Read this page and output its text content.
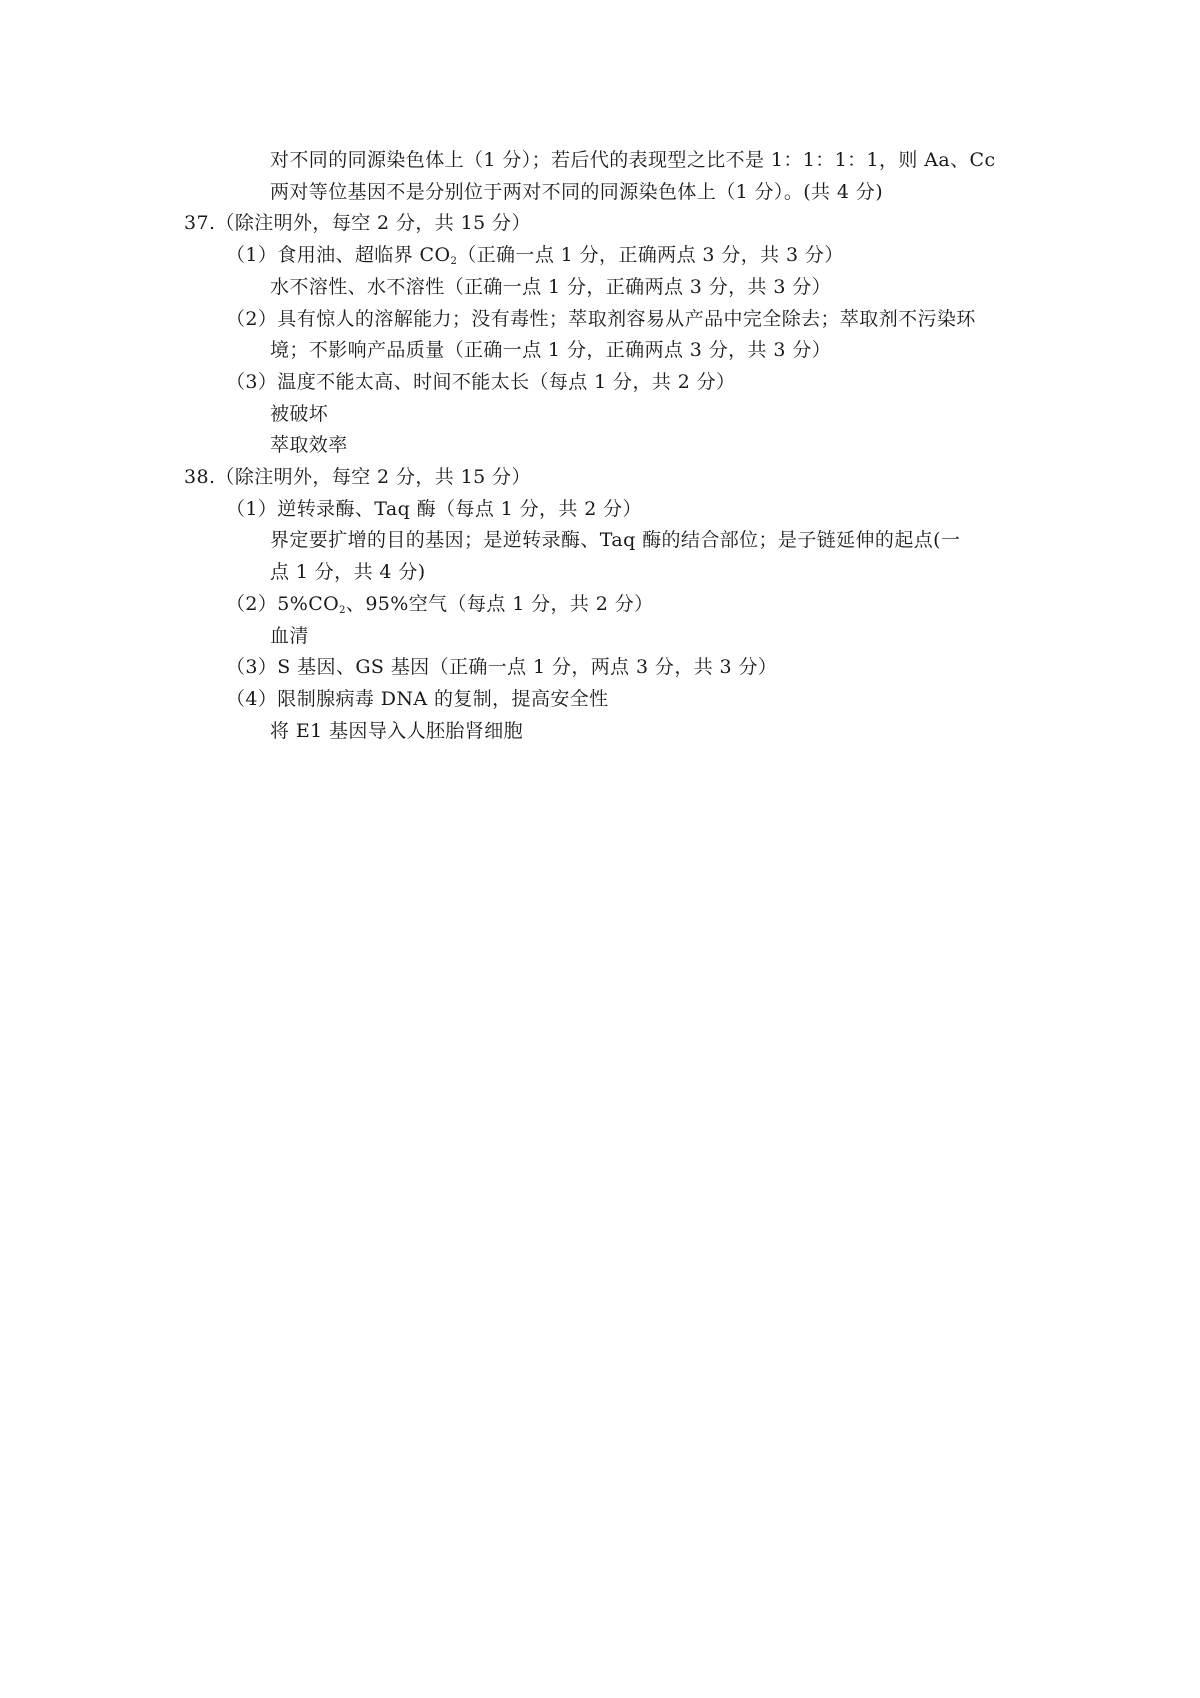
对不同的同源染色体上（1 分）；若后代的表现型之比不是 1：1：1：1，则 Aa、Cc
两对等位基因不是分别位于两对不同的同源染色体上（1 分）。(共 4 分)
37.（除注明外，每空 2 分，共 15 分）
（1）食用油、超临界 $CO_2$（正确一点 1 分，正确两点 3 分，共 3 分）
水不溶性、水不溶性（正确一点 1 分，正确两点 3 分，共 3 分）
（2）具有惊人的溶解能力；没有毒性；萃取剂容易从产品中完全除去；萃取剂不污染环
境；不影响产品质量（正确一点 1 分，正确两点 3 分，共 3 分）
（3）温度不能太高、时间不能太长（每点 1 分，共 2 分）
被破坏
萃取效率
38.（除注明外，每空 2 分，共 15 分）
（1）逆转录酶、Taq 酶（每点 1 分，共 2 分）
界定要扩增的目的基因；是逆转录酶、Taq 酶的结合部位；是子链延伸的起点(一
点 1 分，共 4 分)
$(2)5\%CO_2$、95%空气（每点 1 分，共 2 分）
血清
（3）S 基因、GS 基因（正确一点 1 分，两点 3 分，共 3 分）
（4）限制腺病毒 DNA 的复制，提高安全性
将 E1 基因导入人胚胎肾细胞
